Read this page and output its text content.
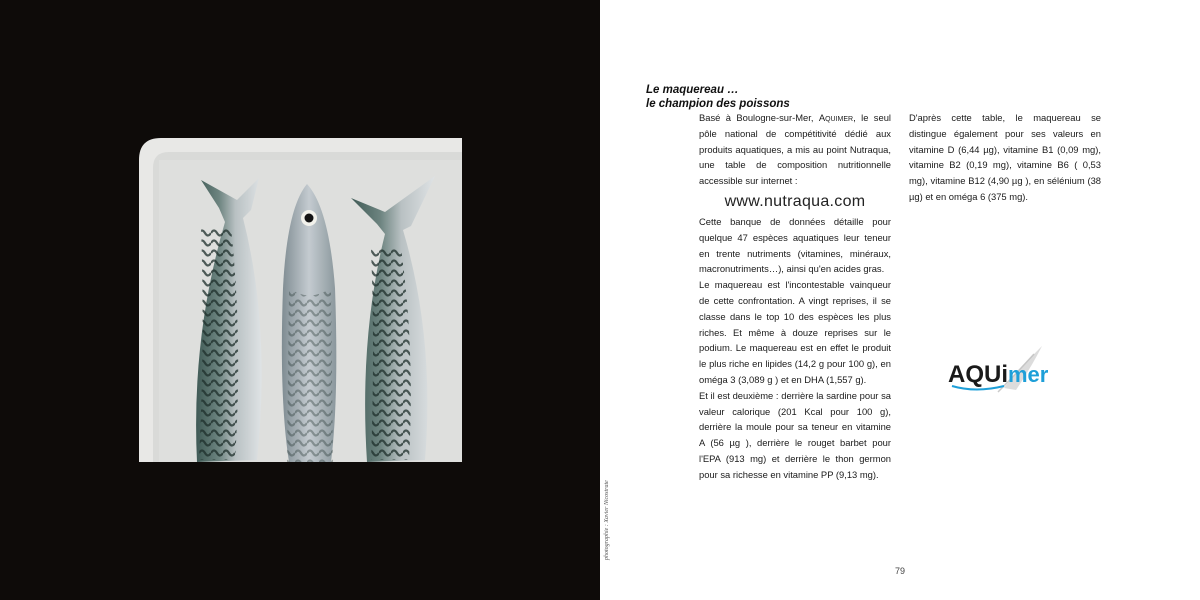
photographie : Xavier Nicostrate
Le maquereau …
le champion des poissons

Basé à Boulogne-sur-Mer, Aquimer, le seul pôle national de compétitivité dédié aux produits aquatiques, a mis au point Nutraqua, une table de composition nutritionnelle accessible sur internet :

www.nutraqua.com

Cette banque de données détaille pour quelque 47 espèces aquatiques leur teneur en trente nutriments (vitamines, minéraux, macronutriments…), ainsi qu'en acides gras.

Le maquereau est l'incontestable vainqueur de cette confrontation. A vingt reprises, il se classe dans le top 10 des espèces les plus riches. Et même à douze reprises sur le podium. Le maquereau est en effet le produit le plus riche en lipides (14,2 g pour 100 g), en oméga 3 (3,089 g ) et en DHA (1,557 g).

Et il est deuxième : derrière la sardine pour sa valeur calorique (201 Kcal pour 100 g), derrière la moule pour sa teneur en vitamine A (56 µg ), derrière le rouget barbet pour l'EPA (913 mg) et derrière le thon germon pour sa richesse en vitamine PP (9,13 mg).

D'après cette table, le maquereau se distingue également pour ses valeurs en vitamine D (6,44 µg), vitamine B1 (0,09 mg), vitamine B2 (0,19 mg), vitamine B6 ( 0,53 mg), vitamine B12 (4,90 µg ), en sélénium (38 µg) et en oméga 6 (375 mg).

AQUi mer
79
